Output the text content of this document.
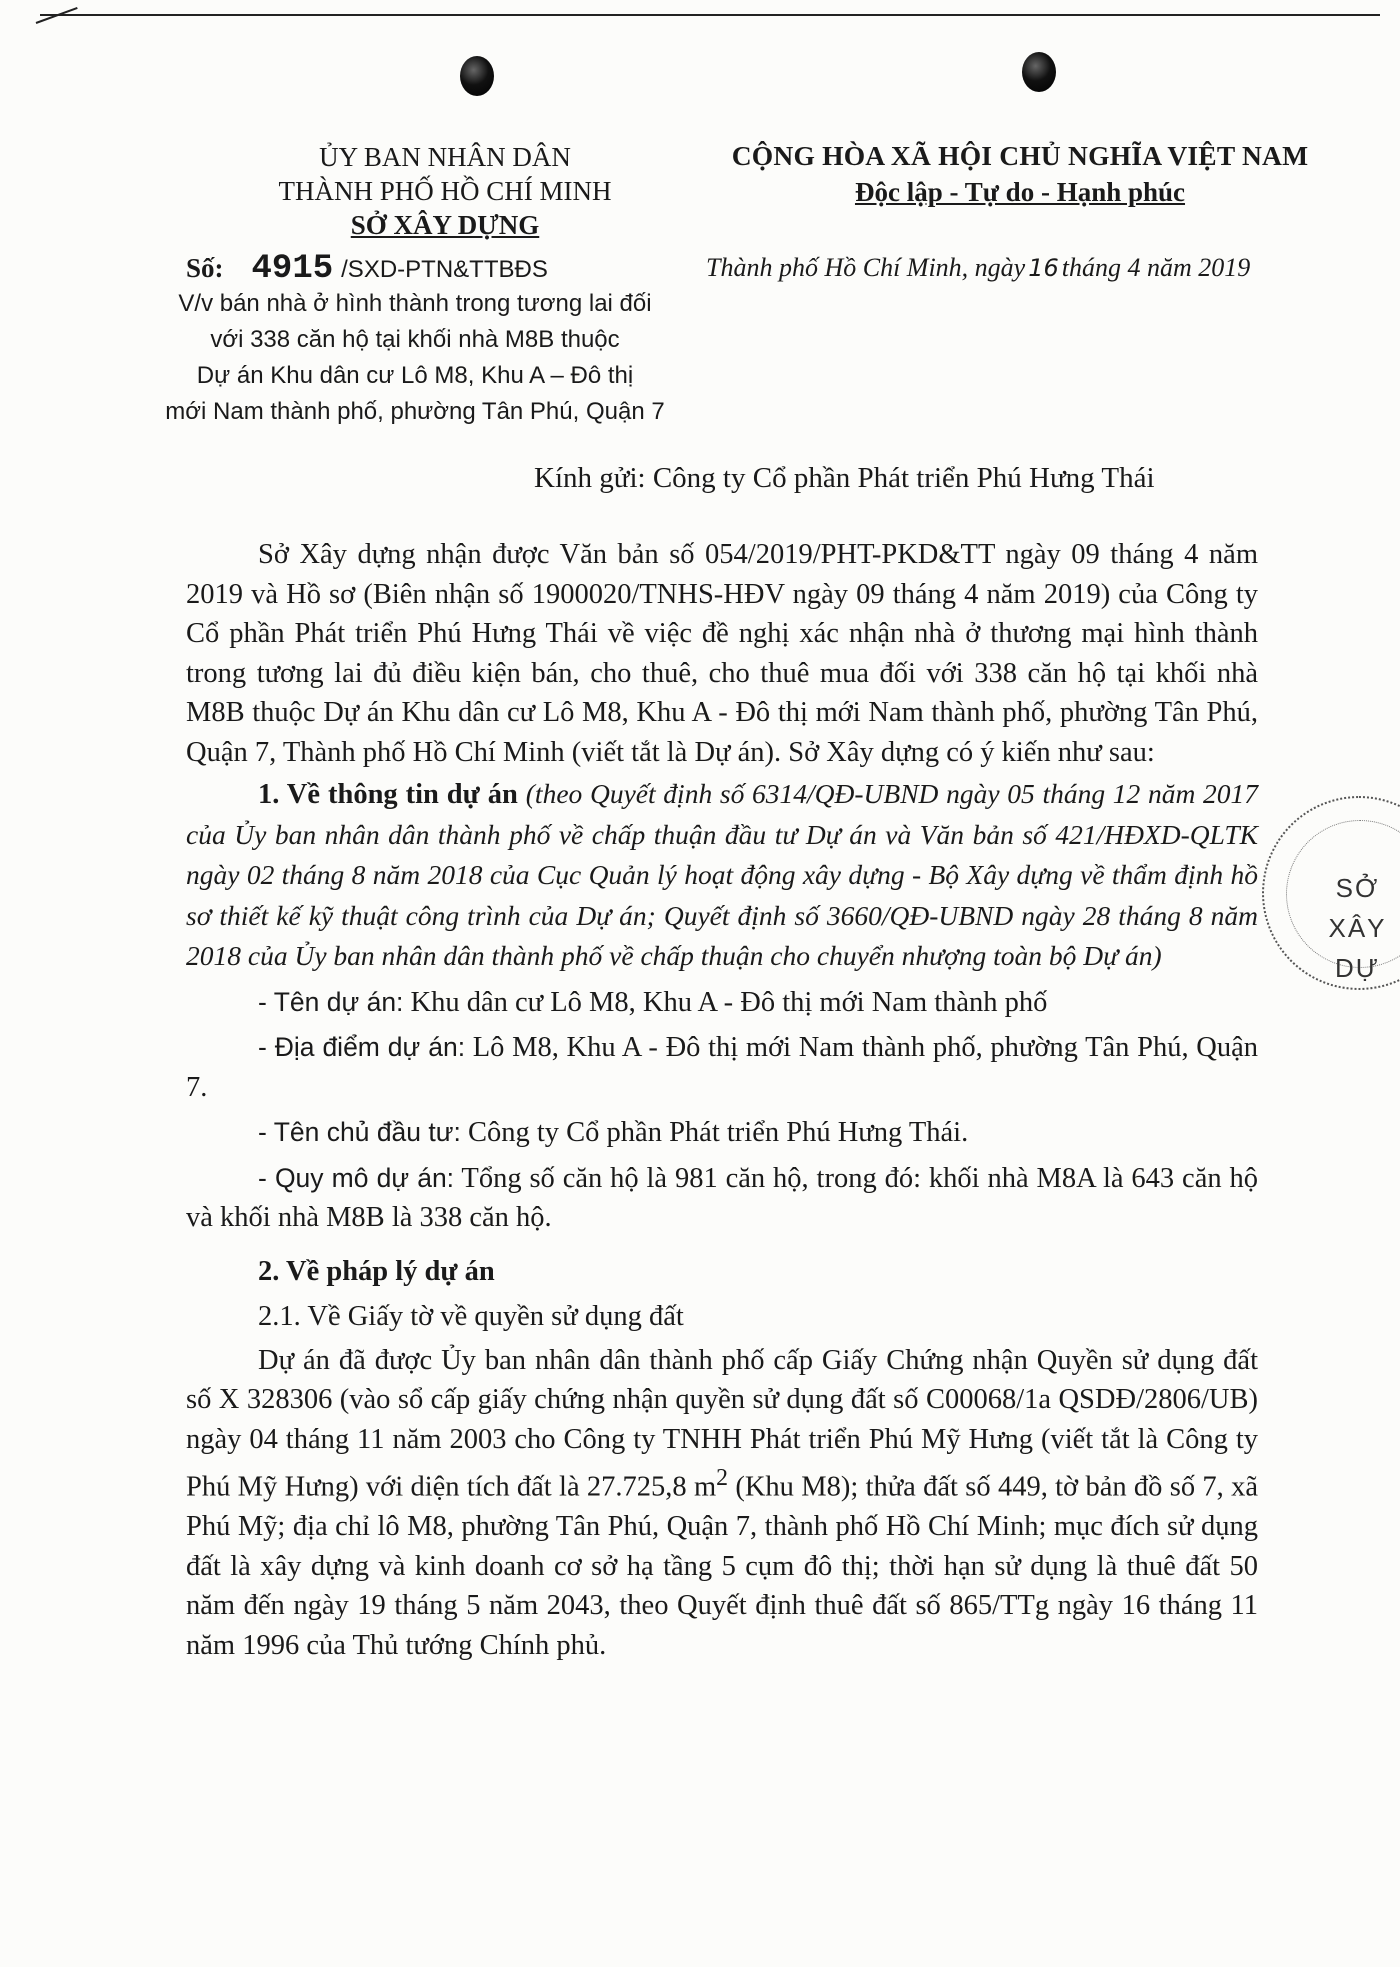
ỦY BAN NHÂN DÂN
THÀNH PHỐ HỒ CHÍ MINH
SỞ XÂY DỰNG
CỘNG HÒA XÃ HỘI CHỦ NGHĨA VIỆT NAM
Độc lập - Tự do - Hạnh phúc
Số: 4915 /SXD-PTN&TTBĐS	Thành phố Hồ Chí Minh, ngày 16 tháng 4 năm 2019
V/v bán nhà ở hình thành trong tương lai đối
với 338 căn hộ tại khối nhà M8B thuộc
Dự án Khu dân cư Lô M8, Khu A – Đô thị
mới Nam thành phố, phường Tân Phú, Quận 7
Kính gửi: Công ty Cổ phần Phát triển Phú Hưng Thái

Sở Xây dựng nhận được Văn bản số 054/2019/PHT-PKD&TT ngày 09 tháng 4 năm 2019 và Hồ sơ (Biên nhận số 1900020/TNHS-HĐV ngày 09 tháng 4 năm 2019) của Công ty Cổ phần Phát triển Phú Hưng Thái về việc đề nghị xác nhận nhà ở thương mại hình thành trong tương lai đủ điều kiện bán, cho thuê, cho thuê mua đối với 338 căn hộ tại khối nhà M8B thuộc Dự án Khu dân cư Lô M8, Khu A - Đô thị mới Nam thành phố, phường Tân Phú, Quận 7, Thành phố Hồ Chí Minh (viết tắt là Dự án). Sở Xây dựng có ý kiến như sau:

1. Về thông tin dự án (theo Quyết định số 6314/QĐ-UBND ngày 05 tháng 12 năm 2017 của Ủy ban nhân dân thành phố về chấp thuận đầu tư Dự án và Văn bản số 421/HĐXD-QLTK ngày 02 tháng 8 năm 2018 của Cục Quản lý hoạt động xây dựng - Bộ Xây dựng về thẩm định hồ sơ thiết kế kỹ thuật công trình của Dự án; Quyết định số 3660/QĐ-UBND ngày 28 tháng 8 năm 2018 của Ủy ban nhân dân thành phố về chấp thuận cho chuyển nhượng toàn bộ Dự án)

- Tên dự án: Khu dân cư Lô M8, Khu A - Đô thị mới Nam thành phố

- Địa điểm dự án: Lô M8, Khu A - Đô thị mới Nam thành phố, phường Tân Phú, Quận 7.

- Tên chủ đầu tư: Công ty Cổ phần Phát triển Phú Hưng Thái.

- Quy mô dự án: Tổng số căn hộ là 981 căn hộ, trong đó: khối nhà M8A là 643 căn hộ và khối nhà M8B là 338 căn hộ.

2. Về pháp lý dự án

2.1. Về Giấy tờ về quyền sử dụng đất

Dự án đã được Ủy ban nhân dân thành phố cấp Giấy Chứng nhận Quyền sử dụng đất số X 328306 (vào sổ cấp giấy chứng nhận quyền sử dụng đất số C00068/1a QSDĐ/2806/UB) ngày 04 tháng 11 năm 2003 cho Công ty TNHH Phát triển Phú Mỹ Hưng (viết tắt là Công ty Phú Mỹ Hưng) với diện tích đất là 27.725,8 $m^2$ (Khu M8); thửa đất số 449, tờ bản đồ số 7, xã Phú Mỹ; địa chỉ lô M8, phường Tân Phú, Quận 7, thành phố Hồ Chí Minh; mục đích sử dụng đất là xây dựng và kinh doanh cơ sở hạ tầng 5 cụm đô thị; thời hạn sử dụng là thuê đất 50 năm đến ngày 19 tháng 5 năm 2043, theo Quyết định thuê đất số 865/TTg ngày 16 tháng 11 năm 1996 của Thủ tướng Chính phủ.

SỞ
XÂY DỰ
